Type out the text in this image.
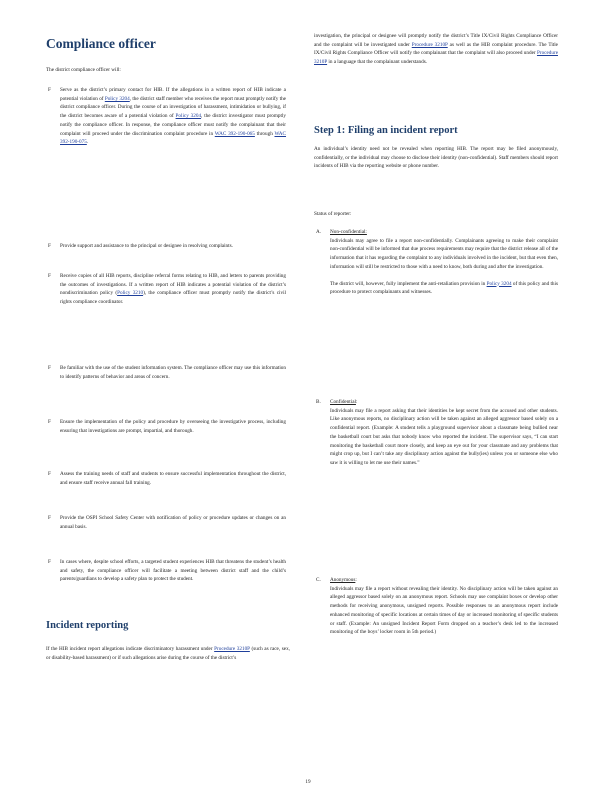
Compliance officer

The district compliance officer will:

F Serve as the district’s primary contact for HIB. If the allegations in a written report of HIB indicate a potential violation of Policy 3204, the district staff member who receives the report must promptly notify the district compliance officer. During the course of an investigation of harassment, intimidation or bullying, if the district becomes aware of a potential violation of Policy 3204, the district investigator must promptly notify the compliance officer. In response, the compliance officer must notify the complainant that their complaint will proceed under the discrimination complaint procedure in WAC 392-190-065 through WAC 392-190-075.

F Provide support and assistance to the principal or designee in resolving complaints.

F Receive copies of all HIB reports, discipline referral forms relating to HIB, and letters to parents providing the outcomes of investigations. If a written report of HIB indicates a potential violation of the district’s nondiscrimination policy (Policy 3210), the compliance officer must promptly notify the district’s civil rights compliance coordinator.

F Be familiar with the use of the student information system. The compliance officer may use this information to identify patterns of behavior and areas of concern.

F Ensure the implementation of the policy and procedure by overseeing the investigative process, including ensuring that investigations are prompt, impartial, and thorough.

F Assess the training needs of staff and students to ensure successful implementation throughout the district, and ensure staff receive annual fall training.

F Provide the OSPI School Safety Center with notification of policy or procedure updates or changes on an annual basis.

F In cases where, despite school efforts, a targeted student experiences HIB that threatens the student’s health and safety, the compliance officer will facilitate a meeting between district staff and the child’s parents/guardians to develop a safety plan to protect the student.

Incident reporting

If the HIB incident report allegations indicate discriminatory harassment under Procedure 3210P (such as race, sex, or disability-based harassment) or if such allegations arise during the course of the district’s

investigation, the principal or designee will promptly notify the district’s Title IX/Civil Rights Compliance Officer and the complaint will be investigated under Procedure 3210P as well as the HIB complaint procedure. The Title IX/Civil Rights Compliance Officer will notify the complainant that the complaint will also proceed under Procedure 3210P in a language that the complainant understands.

Step 1: Filing an incident report

An individual’s identity need not be revealed when reporting HIB. The report may be filed anonymously, confidentially, or the individual may choose to disclose their identity (non-confidential). Staff members should report incidents of HIB via the reporting website or phone number.

Status of reporter:

A. Non-confidential:

Individuals may agree to file a report non-confidentially. Complainants agreeing to make their complaint non-confidential will be informed that due process requirements may require that the district release all of the information that it has regarding the complaint to any individuals involved in the incident, but that even then, information will still be restricted to those with a need to know, both during and after the investigation.

The district will, however, fully implement the anti-retaliation provision in Policy 3204 of this policy and this procedure to protect complainants and witnesses.

B. Confidential:

Individuals may file a report asking that their identities be kept secret from the accused and other students. Like anonymous reports, no disciplinary action will be taken against an alleged aggressor based solely on a confidential report. (Example: A student tells a playground supervisor about a classmate being bullied near the basketball court but asks that nobody know who reported the incident. The supervisor says, “I can start monitoring the basketball court more closely, and keep an eye out for your classmate and any problems that might crop up, but I can’t take any disciplinary action against the bully(ies) unless you or someone else who saw it is willing to let me use their names.”

C. Anonymous:

Individuals may file a report without revealing their identity. No disciplinary action will be taken against an alleged aggressor based solely on an anonymous report. Schools may use complaint boxes or develop other methods for receiving anonymous, unsigned reports. Possible responses to an anonymous report include enhanced monitoring of specific locations at certain times of day or increased monitoring of specific students or staff. (Example: An unsigned Incident Report Form dropped on a teacher’s desk led to the increased monitoring of the boys’ locker room in 5th period.)

19
